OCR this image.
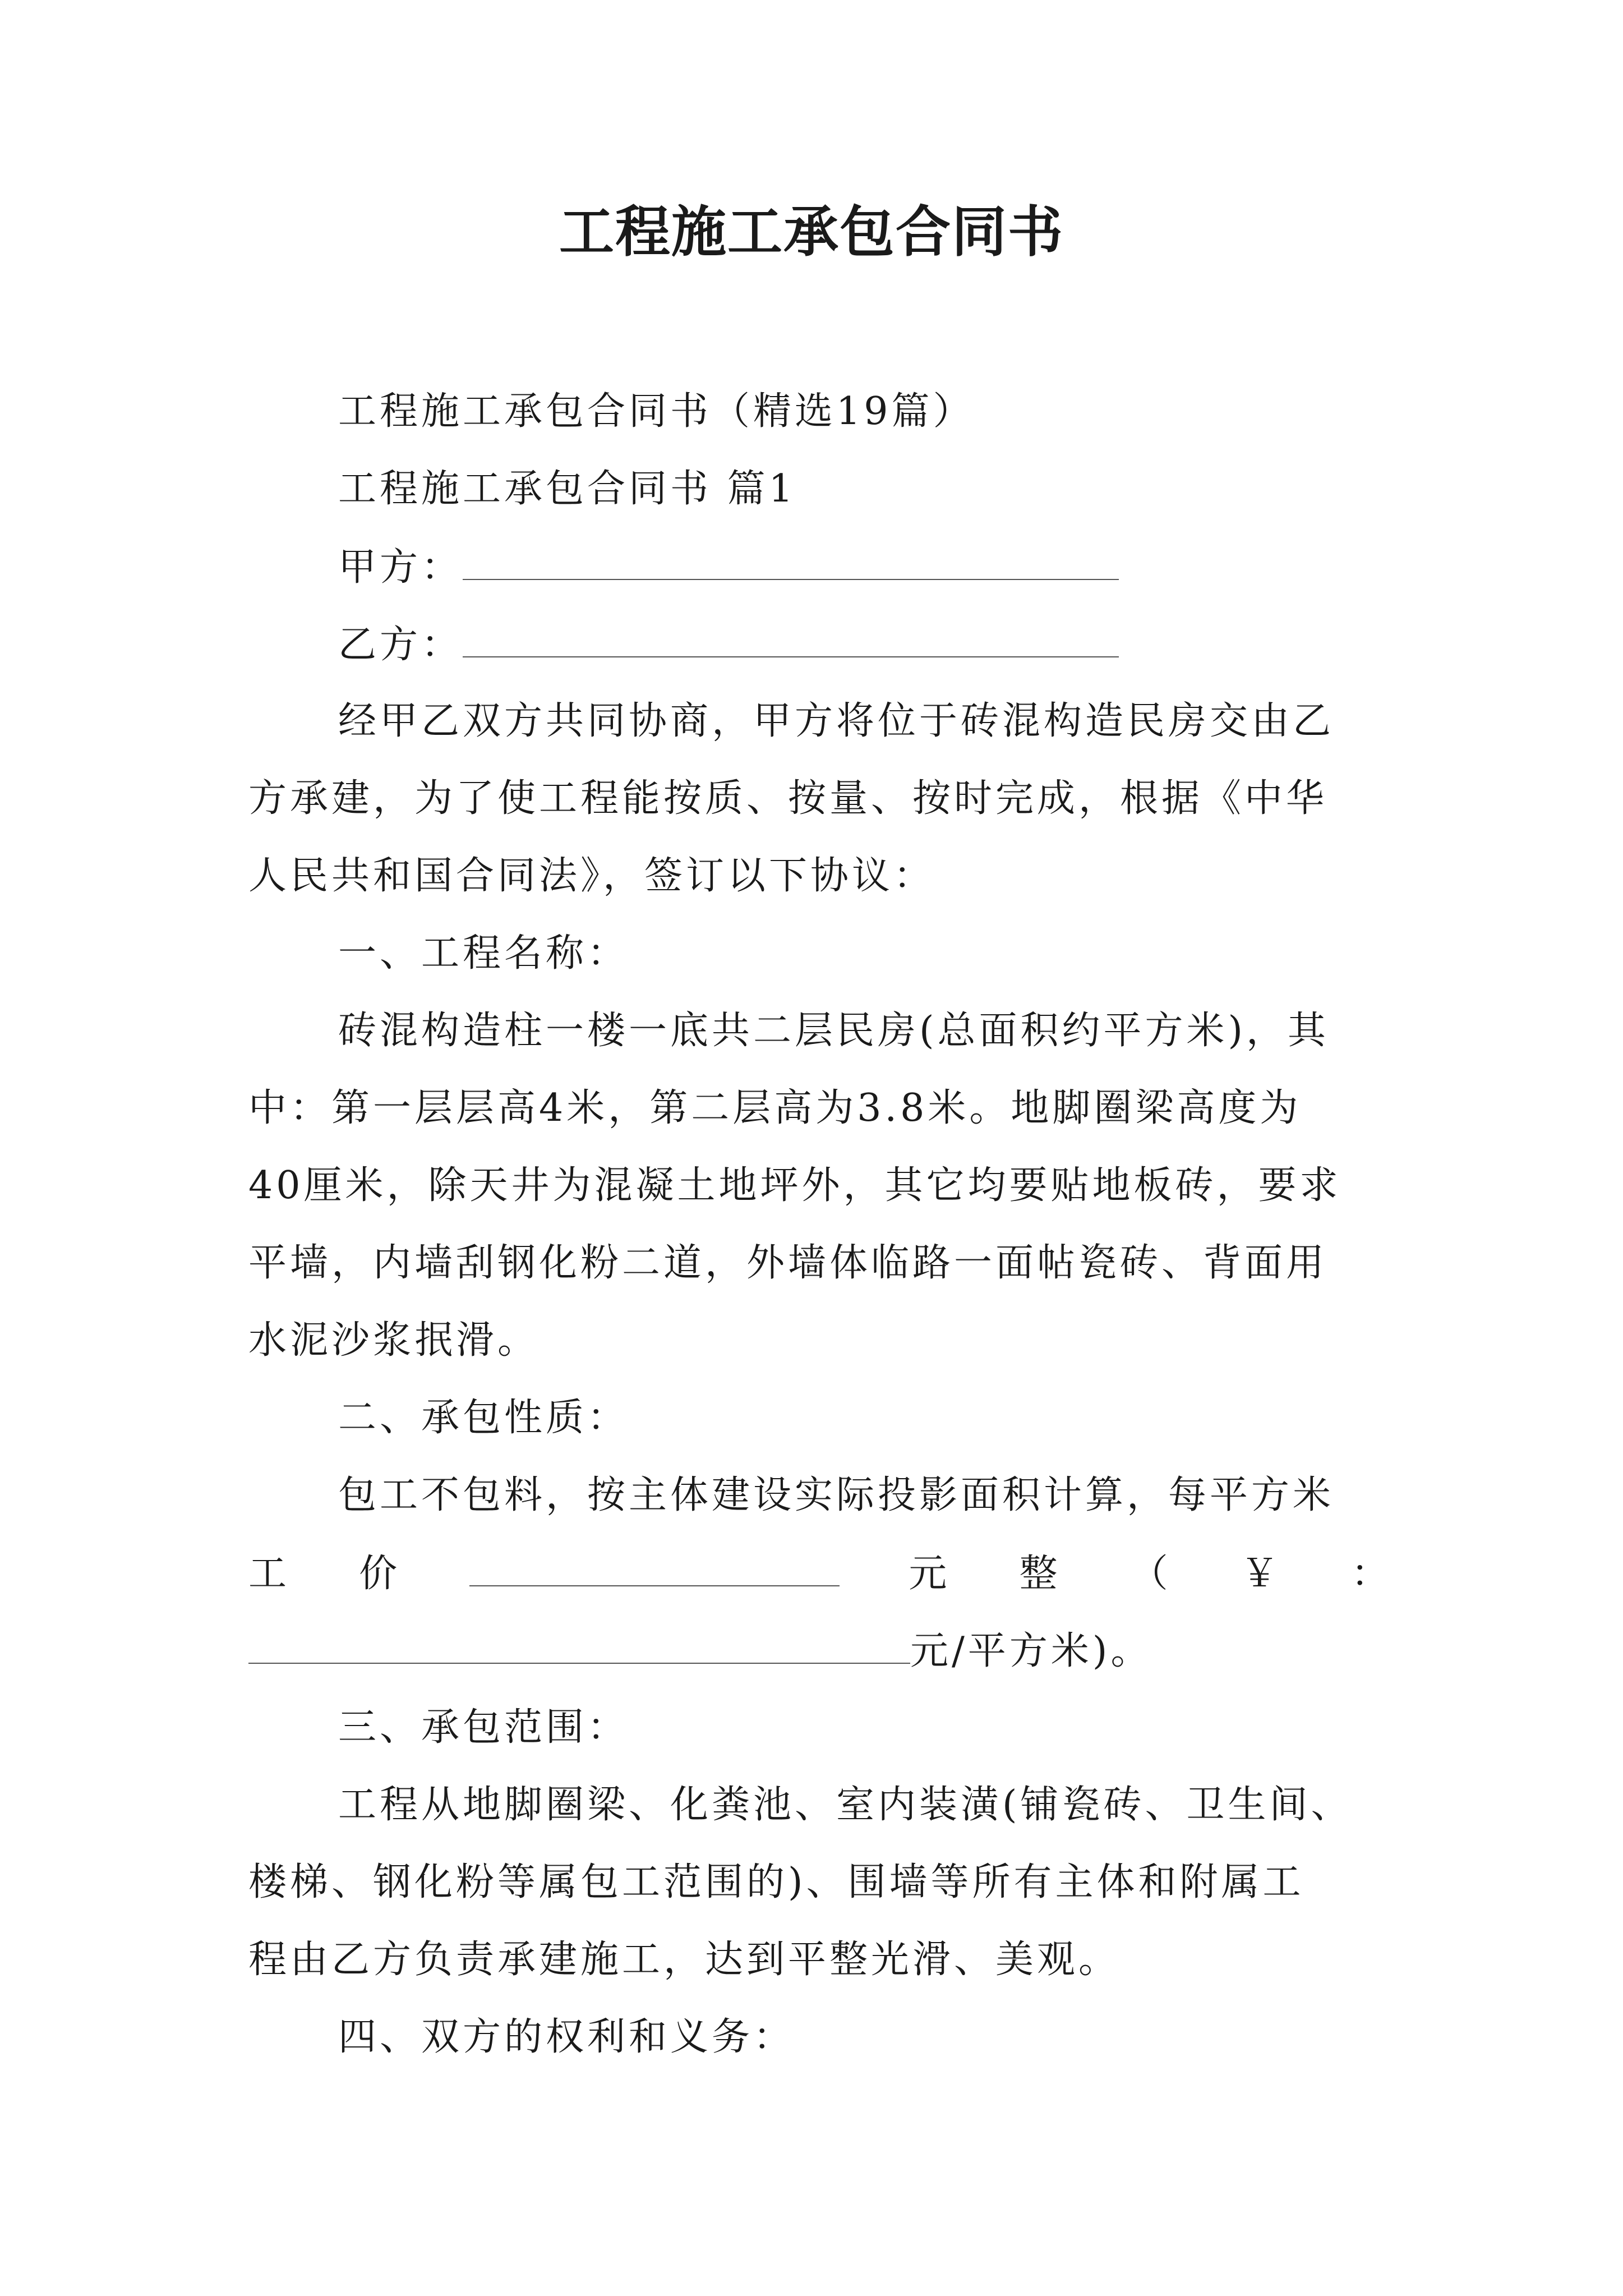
工程施工承包合同书
工程施工承包合同书（精选19篇）
工程施工承包合同书 篇1
甲方：
乙方：
经甲乙双方共同协商，甲方将位于砖混构造民房交由乙
方承建，为了使工程能按质、按量、按时完成，根据《中华
人民共和国合同法》，签订以下协议：
一、工程名称：
砖混构造柱一楼一底共二层民房(总面积约平方米)，其
中：第一层层高4米，第二层高为3.8米。地脚圈梁高度为
40厘米，除天井为混凝土地坪外，其它均要贴地板砖，要求
平墙，内墙刮钢化粉二道，外墙体临路一面帖瓷砖、背面用
水泥沙浆抿滑。
二、承包性质：
包工不包料，按主体建设实际投影面积计算，每平方米
工 价	元 整 （ ￥ ：
元/平方米)。
三、承包范围：
工程从地脚圈梁、化粪池、室内装潢(铺瓷砖、卫生间、
楼梯、钢化粉等属包工范围的)、围墙等所有主体和附属工
程由乙方负责承建施工，达到平整光滑、美观。
四、双方的权利和义务：
